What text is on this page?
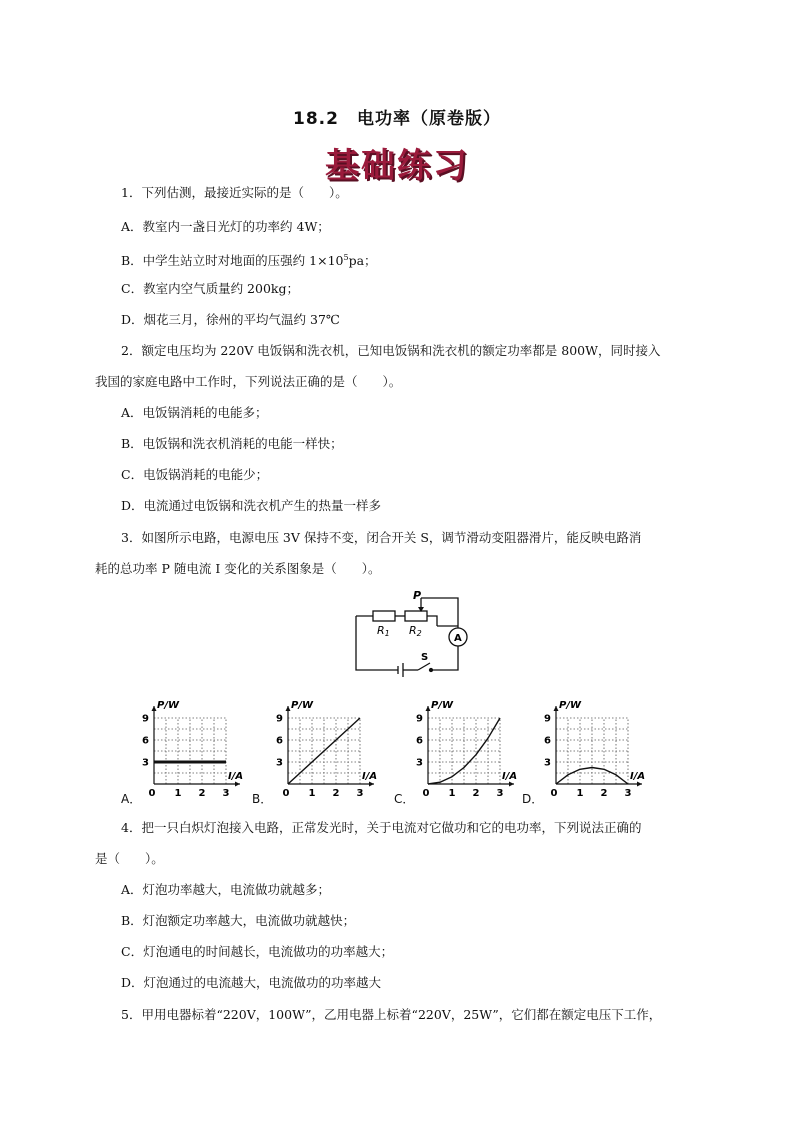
18.2　电功率（原卷版）
基础练习
1．下列估测，最接近实际的是（　　）。
A．教室内一盏日光灯的功率约 4W；
B．中学生站立时对地面的压强约 $1\times 10^5pa$；
C．教室内空气质量约 200kg；
D．烟花三月，徐州的平均气温约 37℃
2．额定电压均为 220V 电饭锅和洗衣机，已知电饭锅和洗衣机的额定功率都是 800W，同时接入
我国的家庭电路中工作时，下列说法正确的是（　　）。
A．电饭锅消耗的电能多；
B．电饭锅和洗衣机消耗的电能一样快；
C．电饭锅消耗的电能少；
D．电流通过电饭锅和洗衣机产生的热量一样多
3．如图所示电路，电源电压 3V 保持不变，闭合开关 S，调节滑动变阻器滑片，能反映电路消
耗的总功率 P 随电流 I 变化的关系图象是（　　）。
P
R1 R2	A
S
A．	B．	C．	D．
0 1 2 3
3
6
9
P/W
I/A
0 1 2 3
3
6
9
P/W
I/A
0 1 2 3
3
6
9
P/W
I/A
0 1 2 3
3
6
9
P/W
I/A
4．把一只白炽灯泡接入电路，正常发光时，关于电流对它做功和它的电功率，下列说法正确的
是（　　）。
A．灯泡功率越大，电流做功就越多；
B．灯泡额定功率越大，电流做功就越快；
C．灯泡通电的时间越长，电流做功的功率越大；
D．灯泡通过的电流越大，电流做功的功率越大
5．甲用电器标着“220V，100W”，乙用电器上标着“220V，25W”，它们都在额定电压下工作，
